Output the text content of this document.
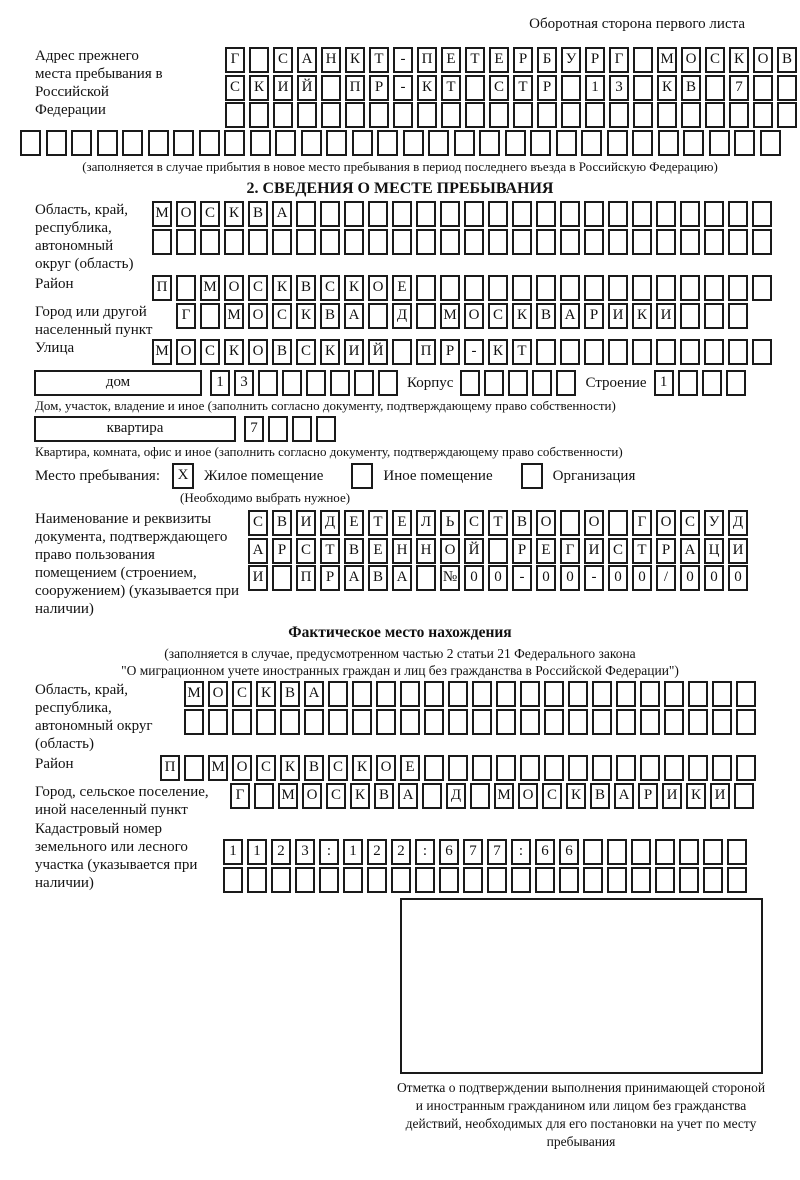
Оборотная сторона первого листа
Адрес прежнего места пребывания в Российской Федерации
Г	С А Н К Т	-	П Е Т Е	Р	Б У Р	Г	М О С К О В
С К И Й	П Р	-	К Т	С Т	Р	1	3	К В	7
(заполняется в случае прибытия в новое место пребывания в период последнего въезда в Российскую Федерацию)
2. СВЕДЕНИЯ О МЕСТЕ ПРЕБЫВАНИЯ
Область, край, республика, автономный округ (область)
М О С К В А
Район	П	М О С К В С К О Е
Город или другой населенный пункт
Г	М О С К В А	Д	М О С К В А Р И К И
Улица	М О С К О В С К И Й	П Р	-	К Т
дом	1	3	Корпус	Строение 1
Дом, участок, владение и иное (заполнить согласно документу, подтверждающему право собственности)
квартира	7
Квартира, комната, офис и иное (заполнить согласно документу, подтверждающему право собственности)
Место пребывания:	X	Жилое помещение	Иное помещение	Организация
(Необходимо выбрать нужное)
Наименование и реквизиты документа, подтверждающего право пользования помещением (строением, сооружением) (указывается при наличии)
С В И Д Е Т Е Л Ь С Т В О	О	Г О С У Д
А Р С Т В Е Н Н О Й	Р	Е	Г И С Т	Р А Ц И
И	П Р А В А	№ 0	0	-	0	0	-	0	0	/	0	0	0
Фактическое место нахождения
(заполняется в случае, предусмотренном частью 2 статьи 21 Федерального закона
"О миграционном учете иностранных граждан и лиц без гражданства в Российской Федерации")
Область, край, республика, автономный округ (область)
М О С К В А
Район	П	М О С К В С К О Е
Город, сельское поселение, иной населенный пункт
Г	М О С К В А	Д	М О С К В А Р И К И
Кадастровый номер земельного или лесного участка (указывается при наличии)
1	1	2	3	:	1	2	2	:	6	7	7	:	6	6
Отметка о подтверждении выполнения принимающей стороной и иностранным гражданином или лицом без гражданства действий, необходимых для его постановки на учет по месту пребывания
